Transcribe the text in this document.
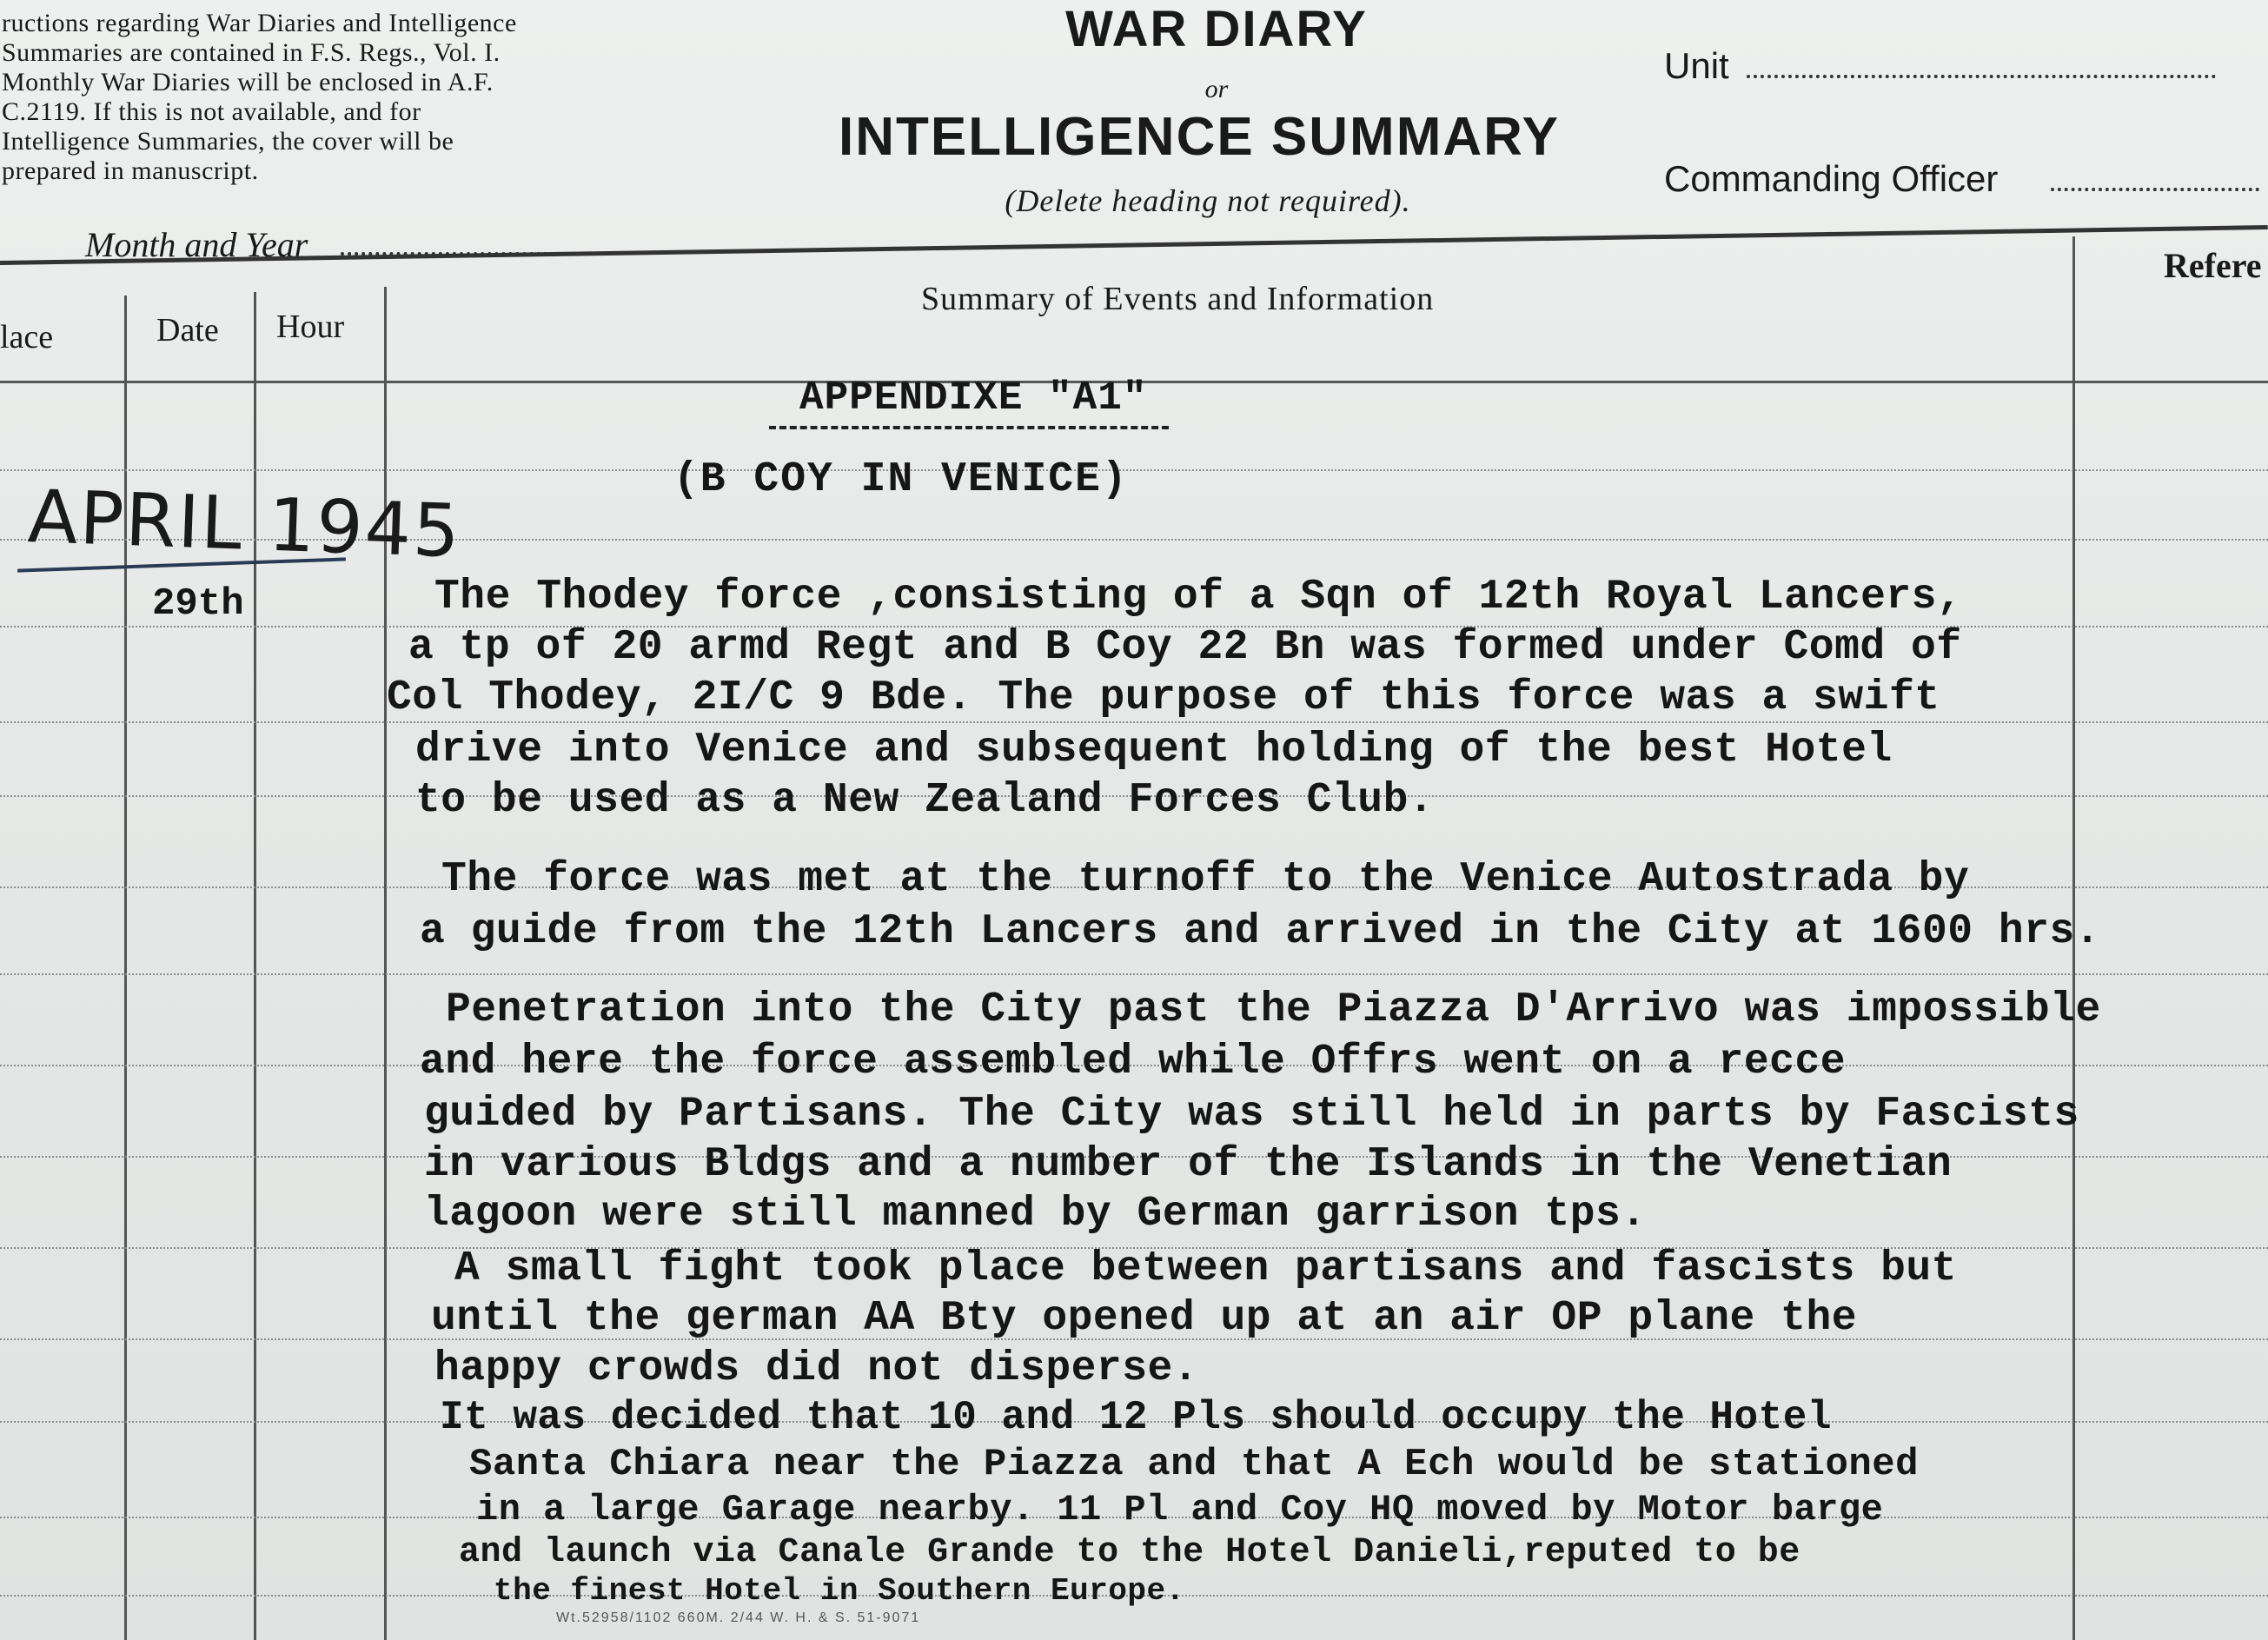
ructions regarding War Diaries and Intelligence
Summaries are contained in F.S. Regs., Vol. I.
Monthly War Diaries will be enclosed in A.F.
C.2119. If this is not available, and for
Intelligence Summaries, the cover will be
prepared in manuscript.
Month and Year
WAR DIARY
or
INTELLIGENCE SUMMARY
(Delete heading not required).
Unit
Commanding Officer
lace	Date Hour
Summary of Events and Information
Refere
APPENDIXE "A1"
(B COY IN VENICE)
APRIL 1945
29th	The Thodey force ,consisting of a Sqn of 12th Royal Lancers,
a tp of 20 armd Regt and B Coy 22 Bn was formed under Comd of
Col Thodey, 2I/C 9 Bde. The purpose of this force was a swift
drive into Venice and subsequent holding of the best Hotel
to be used as a New Zealand Forces Club.
The force was met at the turnoff to the Venice Autostrada by
a guide from the 12th Lancers and arrived in the City at 1600 hrs.
Penetration into the City past the Piazza D'Arrivo was impossible
and here the force assembled while Offrs went on a recce
guided by Partisans. The City was still held in parts by Fascists
in various Bldgs and a number of the Islands in the Venetian
lagoon were still manned by German garrison tps.
A small fight took place between partisans and fascists but
until the german AA Bty opened up at an air OP plane the
happy crowds did not disperse.
It was decided that 10 and 12 Pls should occupy the Hotel
Santa Chiara near the Piazza and that A Ech would be stationed
in a large Garage nearby. 11 Pl and Coy HQ moved by Motor barge
and launch via Canale Grande to the Hotel Danieli,reputed to be
the finest Hotel in Southern Europe.
Wt.52958/1102 660M. 2/44 W. H. & S. 51-9071
